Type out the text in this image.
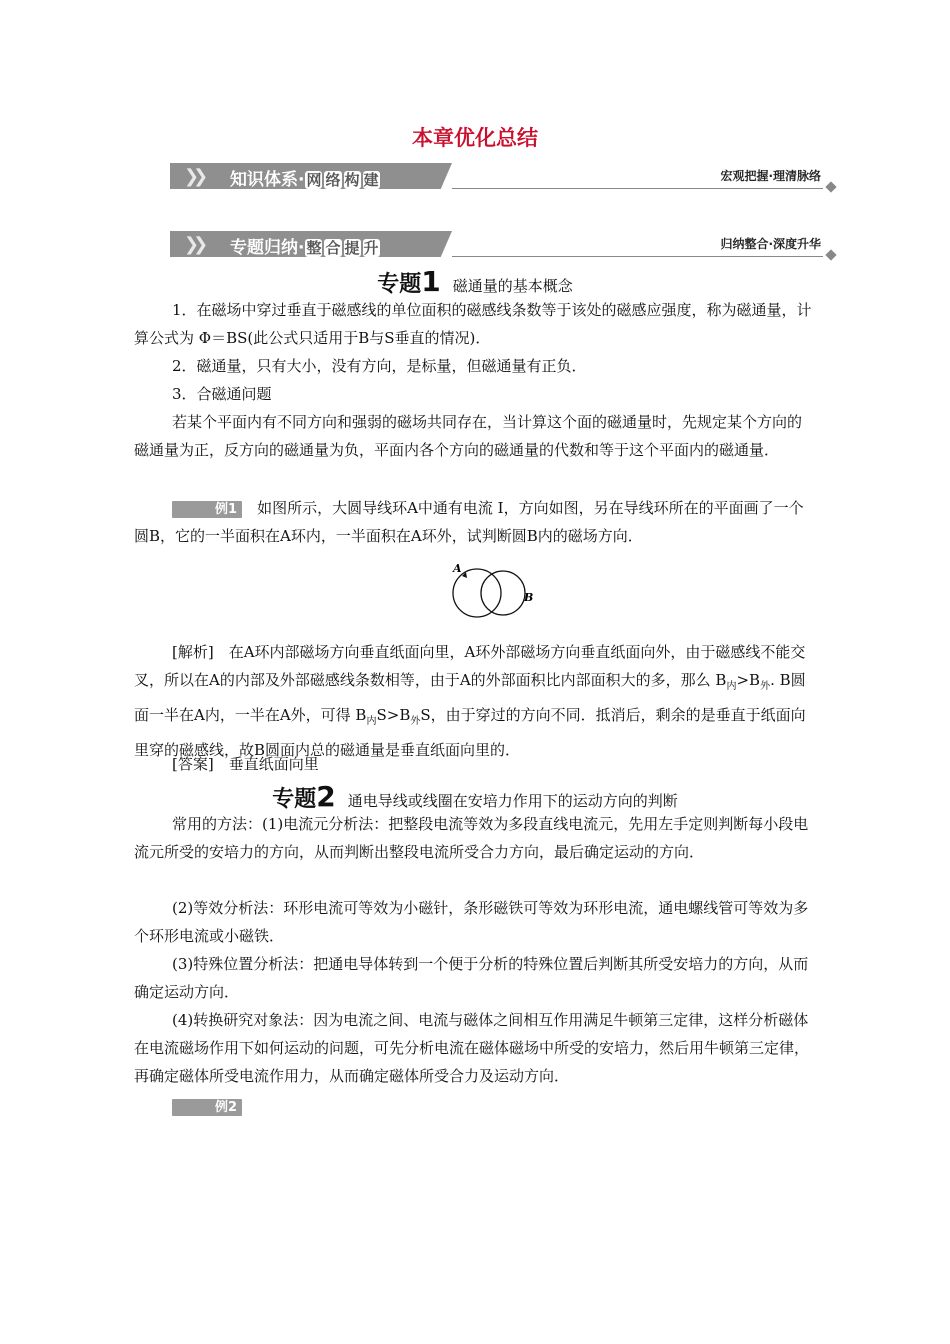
本章优化总结
❯❯ 知识体系· 网 络 构 建	宏观把握·理清脉络
❯❯ 专题归纳· 整 合 提 升	归纳整合·深度升华
专题1 磁通量的基本概念
1．在磁场中穿过垂直于磁感线的单位面积的磁感线条数等于该处的磁感应强度，称为磁通量，计算公式为 Φ＝BS(此公式只适用于B与S垂直的情况)．
2．磁通量，只有大小，没有方向，是标量，但磁通量有正负．
3．合磁通问题
若某个平面内有不同方向和强弱的磁场共同存在，当计算这个面的磁通量时，先规定某个方向的磁通量为正，反方向的磁通量为负，平面内各个方向的磁通量的代数和等于这个平面内的磁通量．
例1　 如图所示，大圆导线环A中通有电流 I，方向如图，另在导线环所在的平面画了一个圆B，它的一半面积在A环内，一半面积在A环外，试判断圆B内的磁场方向．
A
B
[解析]　在A环内部磁场方向垂直纸面向里，A环外部磁场方向垂直纸面向外，由于磁感线不能交叉，所以在A的内部及外部磁感线条数相等，由于A的外部面积比内部面积大的多，那么 $B_内>B_外$. B圆面一半在A内，一半在A外，可得 $B_内S>B_外S$，由于穿过的方向不同．抵消后，剩余的是垂直于纸面向里穿的磁感线，故B圆面内总的磁通量是垂直纸面向里的．
[答案]　垂直纸面向里
专题2 通电导线或线圈在安培力作用下的运动方向的判断
常用的方法：(1)电流元分析法：把整段电流等效为多段直线电流元，先用左手定则判断每小段电流元所受的安培力的方向，从而判断出整段电流所受合力方向，最后确定运动的方向．
(2)等效分析法：环形电流可等效为小磁针，条形磁铁可等效为环形电流，通电螺线管可等效为多个环形电流或小磁铁．
(3)特殊位置分析法：把通电导体转到一个便于分析的特殊位置后判断其所受安培力的方向，从而确定运动方向．
(4)转换研究对象法：因为电流之间、电流与磁体之间相互作用满足牛顿第三定律，这样分析磁体在电流磁场作用下如何运动的问题，可先分析电流在磁体磁场中所受的安培力，然后用牛顿第三定律，再确定磁体所受电流作用力，从而确定磁体所受合力及运动方向．
例2
